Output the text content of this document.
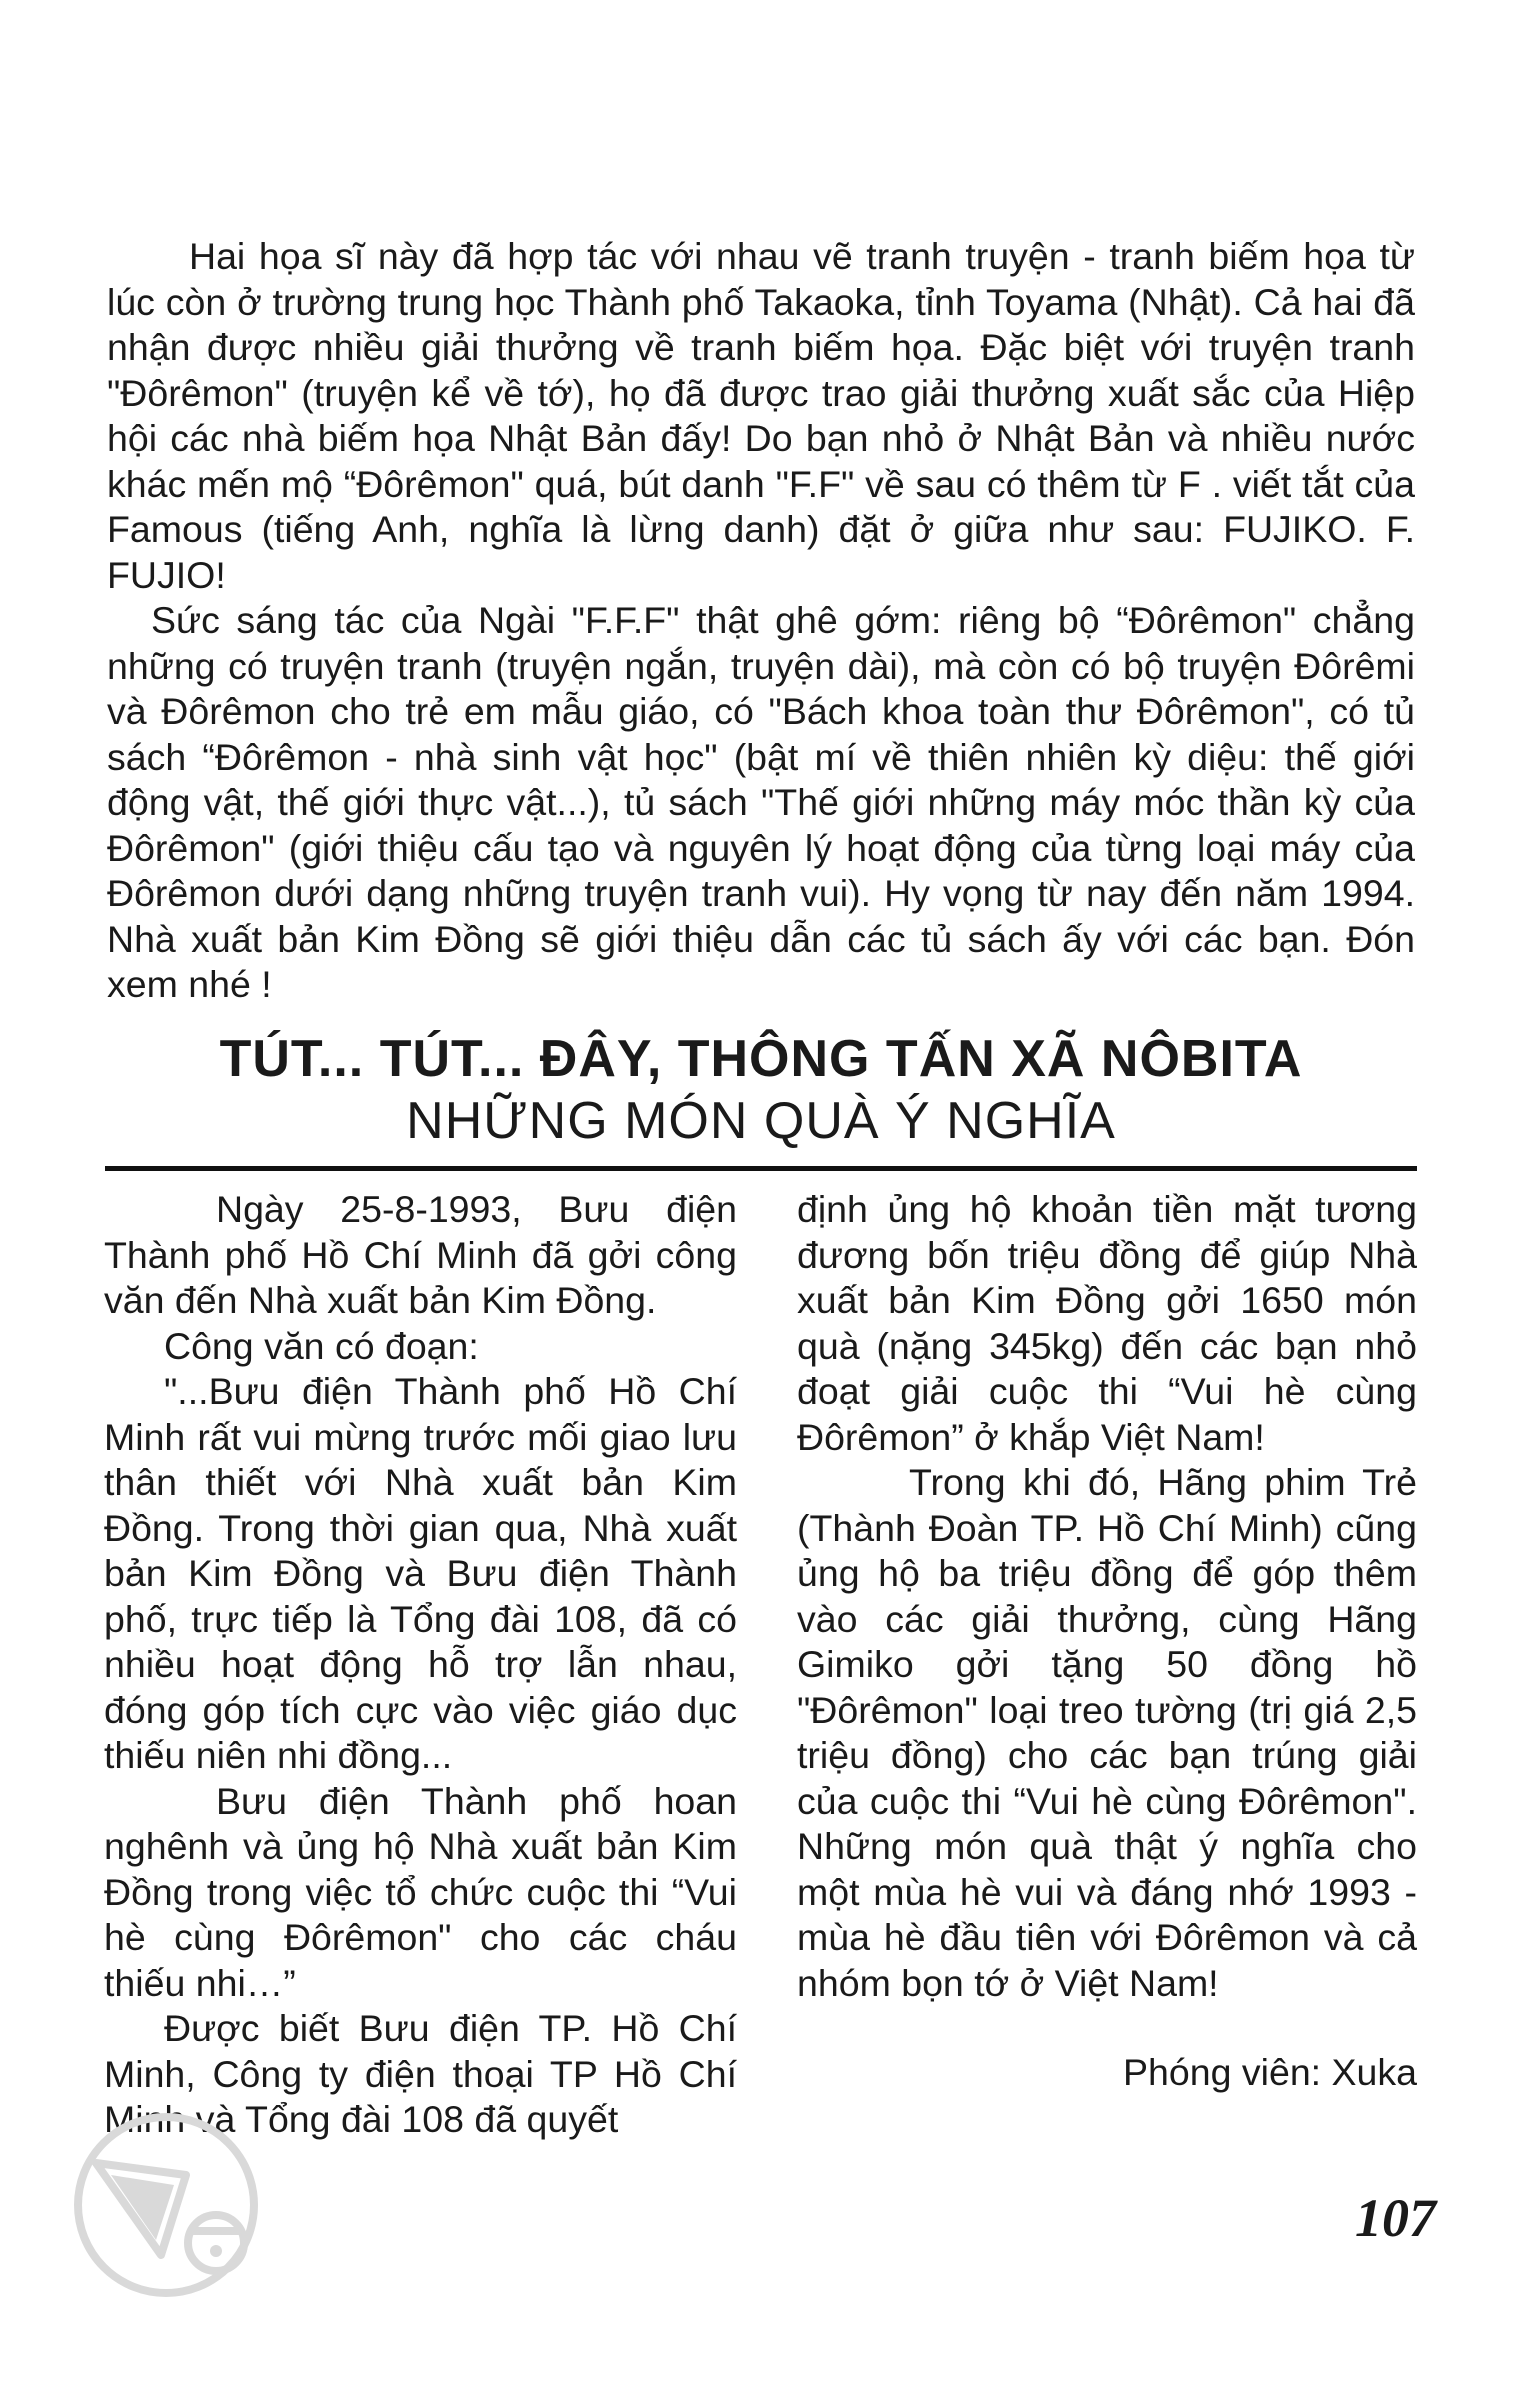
Hai họa sĩ này đã hợp tác với nhau vẽ tranh truyện - tranh biếm họa từ lúc còn ở trường trung học Thành phố Takaoka, tỉnh Toyama (Nhật). Cả hai đã nhận được nhiều giải thưởng về tranh biếm họa. Đặc biệt với truyện tranh "Đôrêmon" (truyện kể về tớ), họ đã được trao giải thưởng xuất sắc của Hiệp hội các nhà biếm họa Nhật Bản đấy! Do bạn nhỏ ở Nhật Bản và nhiều nước khác mến mộ “Đôrêmon" quá, bút danh "F.F" về sau có thêm từ F . viết tắt của Famous (tiếng Anh, nghĩa là lừng danh) đặt ở giữa như sau: FUJIKO. F. FUJIO!

Sức sáng tác của Ngài "F.F.F" thật ghê gớm: riêng bộ “Đôrêmon" chẳng những có truyện tranh (truyện ngắn, truyện dài), mà còn có bộ truyện Đôrêmi và Đôrêmon cho trẻ em mẫu giáo, có "Bách khoa toàn thư Đôrêmon", có tủ sách “Đôrêmon - nhà sinh vật học" (bật mí về thiên nhiên kỳ diệu: thế giới động vật, thế giới thực vật...), tủ sách "Thế giới những máy móc thần kỳ của Đôrêmon" (giới thiệu cấu tạo và nguyên lý hoạt động của từng loại máy của Đôrêmon dưới dạng những truyện tranh vui). Hy vọng từ nay đến năm 1994. Nhà xuất bản Kim Đồng sẽ giới thiệu dẫn các tủ sách ấy với các bạn. Đón xem nhé !

TÚT... TÚT... ĐÂY, THÔNG TẤN XÃ NÔBITA
NHỮNG MÓN QUÀ Ý NGHĨA

Ngày 25-8-1993, Bưu điện Thành phố Hồ Chí Minh đã gởi công văn đến Nhà xuất bản Kim Đồng.

Công văn có đoạn:

"...Bưu điện Thành phố Hồ Chí Minh rất vui mừng trước mối giao lưu thân thiết với Nhà xuất bản Kim Đồng. Trong thời gian qua, Nhà xuất bản Kim Đồng và Bưu điện Thành phố, trực tiếp là Tổng đài 108, đã có nhiều hoạt động hỗ trợ lẫn nhau, đóng góp tích cực vào việc giáo dục thiếu niên nhi đồng...

Bưu điện Thành phố hoan nghênh và ủng hộ Nhà xuất bản Kim Đồng trong việc tổ chức cuộc thi “Vui hè cùng Đôrêmon" cho các cháu thiếu nhi…”

Được biết Bưu điện TP. Hồ Chí Minh, Công ty điện thoại TP Hồ Chí Minh và Tổng đài 108 đã quyết

định ủng hộ khoản tiền mặt tương đương bốn triệu đồng để giúp Nhà xuất bản Kim Đồng gởi 1650 món quà (nặng 345kg) đến các bạn nhỏ đoạt giải cuộc thi “Vui hè cùng Đôrêmon” ở khắp Việt Nam!

Trong khi đó, Hãng phim Trẻ (Thành Đoàn TP. Hồ Chí Minh) cũng ủng hộ ba triệu đồng để góp thêm vào các giải thưởng, cùng Hãng Gimiko gởi tặng 50 đồng hồ "Đôrêmon" loại treo tường (trị giá 2,5 triệu đồng) cho các bạn trúng giải của cuộc thi “Vui hè cùng Đôrêmon". Những món quà thật ý nghĩa cho một mùa hè vui và đáng nhớ 1993 - mùa hè đầu tiên với Đôrêmon và cả nhóm bọn tớ ở Việt Nam!

Phóng viên: Xuka

107
